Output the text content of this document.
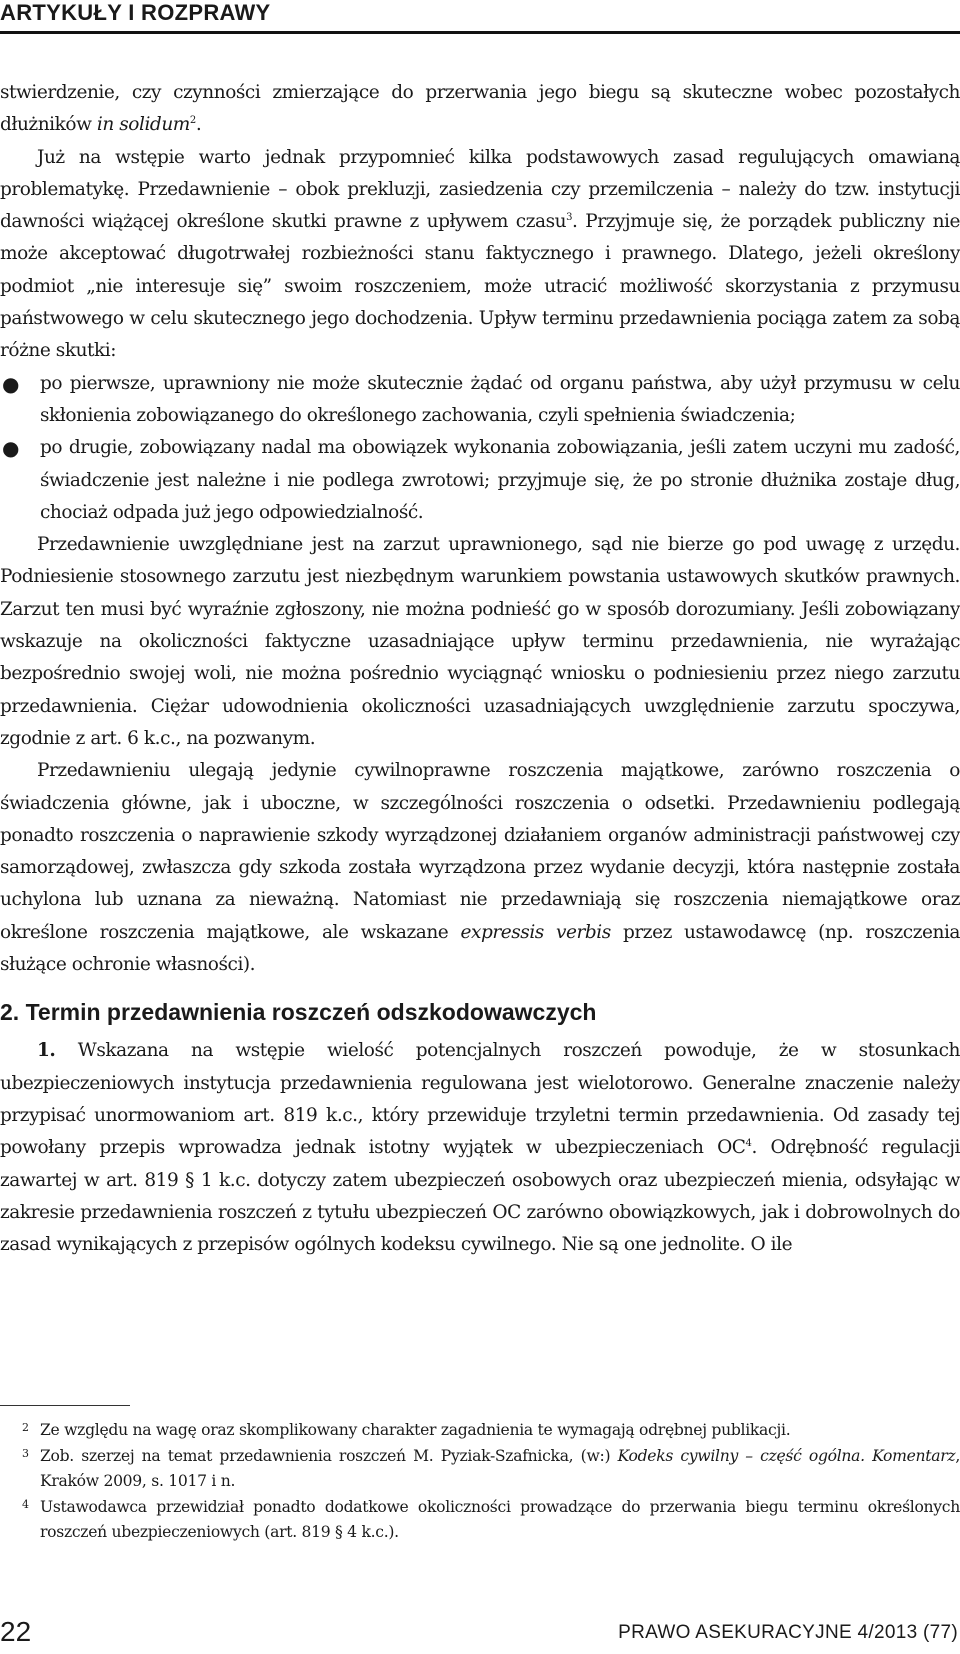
ARTYKUŁY I ROZPRAWY

stwierdzenie, czy czynności zmierzające do przerwania jego biegu są skuteczne wobec pozostałych dłużników in solidum$^2$.

Już na wstępie warto jednak przypomnieć kilka podstawowych zasad regulujących omawianą problematykę. Przedawnienie – obok prekluzji, zasiedzenia czy przemilczenia – należy do tzw. instytucji dawności wiążącej określone skutki prawne z upływem czasu$^3$. Przyjmuje się, że porządek publiczny nie może akceptować długotrwałej rozbieżności stanu faktycznego i prawnego. Dlatego, jeżeli określony podmiot „nie interesuje się” swoim roszczeniem, może utracić możliwość skorzystania z przymusu państwowego w celu skutecznego jego dochodzenia. Upływ terminu przedawnienia pociąga zatem za sobą różne skutki:

● po pierwsze, uprawniony nie może skutecznie żądać od organu państwa, aby użył przymusu w celu skłonienia zobowiązanego do określonego zachowania, czyli spełnienia świadczenia;
● po drugie, zobowiązany nadal ma obowiązek wykonania zobowiązania, jeśli zatem uczyni mu zadość, świadczenie jest należne i nie podlega zwrotowi; przyjmuje się, że po stronie dłużnika zostaje dług, chociaż odpada już jego odpowiedzialność.

Przedawnienie uwzględniane jest na zarzut uprawnionego, sąd nie bierze go pod uwagę z urzędu. Podniesienie stosownego zarzutu jest niezbędnym warunkiem powstania ustawowych skutków prawnych. Zarzut ten musi być wyraźnie zgłoszony, nie można podnieść go w sposób dorozumiany. Jeśli zobowiązany wskazuje na okoliczności faktyczne uzasadniające upływ terminu przedawnienia, nie wyrażając bezpośrednio swojej woli, nie można pośrednio wyciągnąć wniosku o podniesieniu przez niego zarzutu przedawnienia. Ciężar udowodnienia okoliczności uzasadniających uwzględnienie zarzutu spoczywa, zgodnie z art. 6 k.c., na pozwanym.

Przedawnieniu ulegają jedynie cywilnoprawne roszczenia majątkowe, zarówno roszczenia o świadczenia główne, jak i uboczne, w szczególności roszczenia o odsetki. Przedawnieniu podlegają ponadto roszczenia o naprawienie szkody wyrządzonej działaniem organów administracji państwowej czy samorządowej, zwłaszcza gdy szkoda została wyrządzona przez wydanie decyzji, która następnie została uchylona lub uznana za nieważną. Natomiast nie przedawniają się roszczenia niemajątkowe oraz określone roszczenia majątkowe, ale wskazane expressis verbis przez ustawodawcę (np. roszczenia służące ochronie własności).

2. Termin przedawnienia roszczeń odszkodowawczych

1. Wskazana na wstępie wielość potencjalnych roszczeń powoduje, że w stosunkach ubezpieczeniowych instytucja przedawnienia regulowana jest wielotorowo. Generalne znaczenie należy przypisać unormowaniom art. 819 k.c., który przewiduje trzyletni termin przedawnienia. Od zasady tej powołany przepis wprowadza jednak istotny wyjątek w ubezpieczeniach $OC^4$. Odrębność regulacji zawartej w art. 819 § 1 k.c. dotyczy zatem ubezpieczeń osobowych oraz ubezpieczeń mienia, odsyłając w zakresie przedawnienia roszczeń z tytułu ubezpieczeń OC zarówno obowiązkowych, jak i dobrowolnych do zasad wynikających z przepisów ogólnych kodeksu cywilnego. Nie są one jednolite. O ile

2 Ze względu na wagę oraz skomplikowany charakter zagadnienia te wymagają odrębnej publikacji.
3 Zob. szerzej na temat przedawnienia roszczeń M. Pyziak-Szafnicka, (w:) Kodeks cywilny – część ogólna. Komentarz, Kraków 2009, s. 1017 i n.
4 Ustawodawca przewidział ponadto dodatkowe okoliczności prowadzące do przerwania biegu terminu określonych roszczeń ubezpieczeniowych (art. 819 § 4 k.c.).
22	PRAWO ASEKURACYJNE 4/2013 (77)
